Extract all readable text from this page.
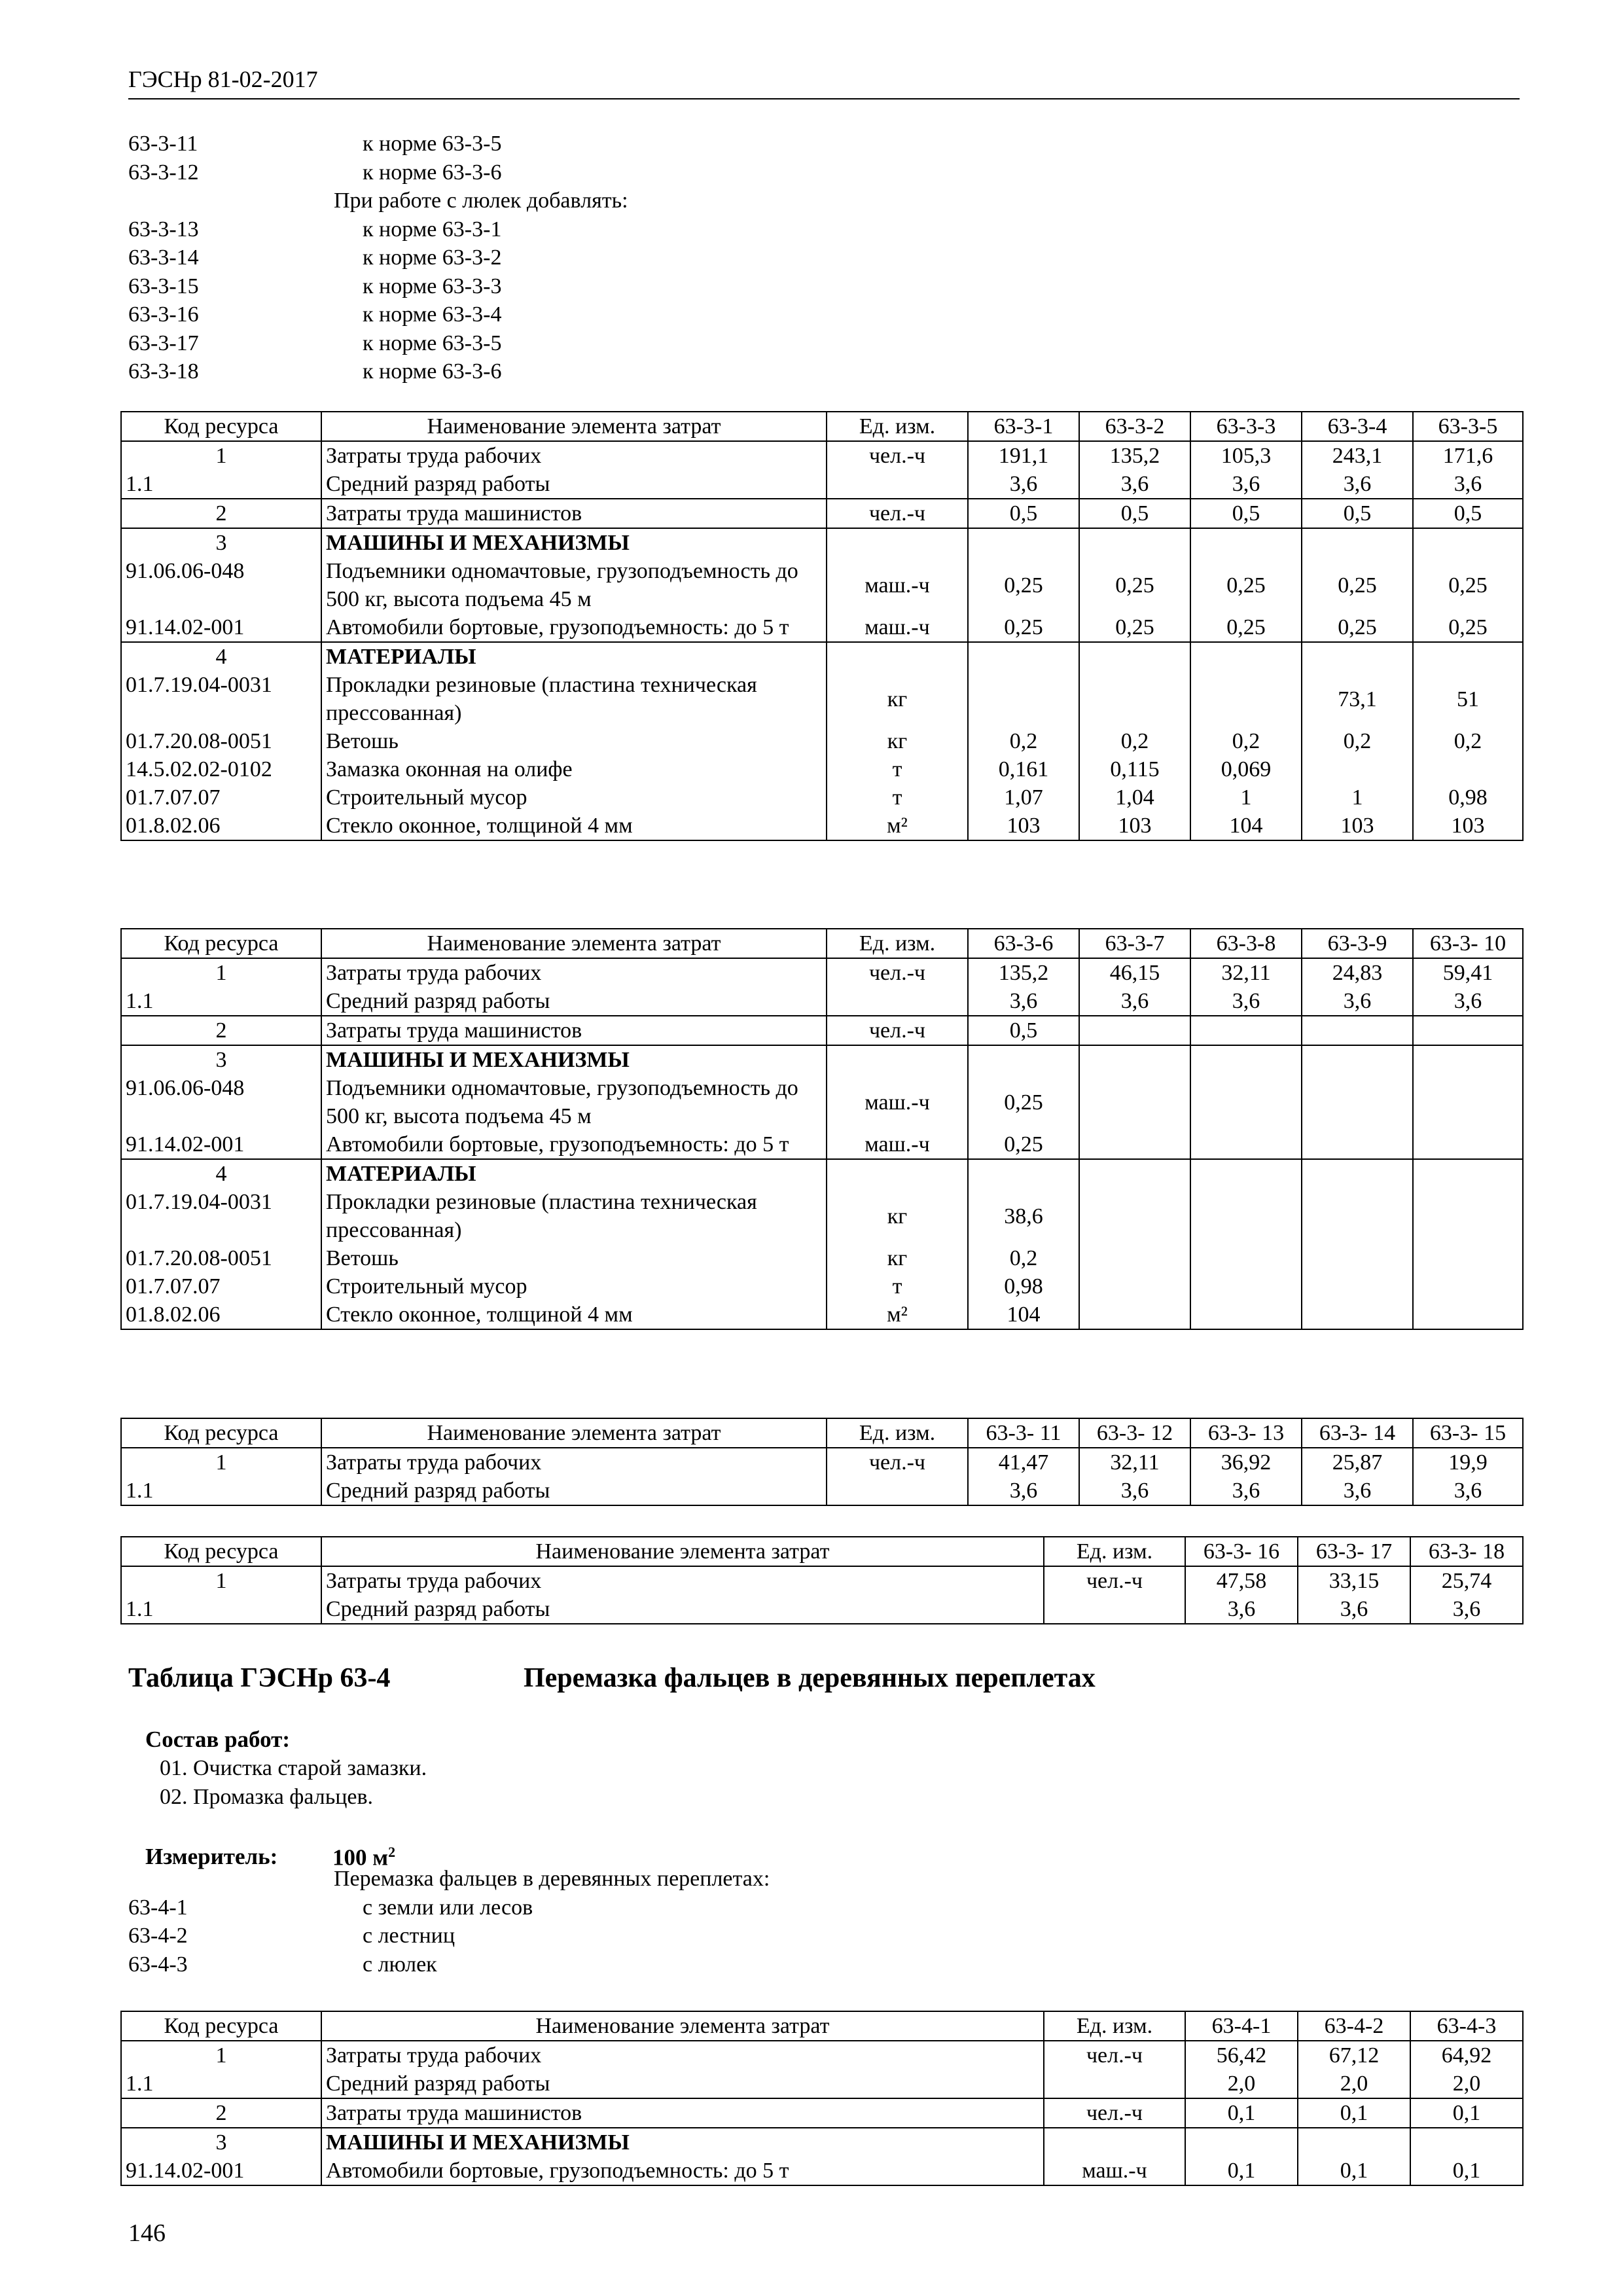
ГЭСНр 81-02-2017
63-3-11	к норме 63-3-5
63-3-12	к норме 63-3-6
При работе с люлек добавлять:
63-3-13	к норме 63-3-1
63-3-14	к норме 63-3-2
63-3-15	к норме 63-3-3
63-3-16	к норме 63-3-4
63-3-17	к норме 63-3-5
63-3-18	к норме 63-3-6
Код ресурса	Наименование элемента затрат	Ед. изм.	63-3-1	63-3-2	63-3-3	63-3-4	63-3-5
1	Затраты труда рабочих	чел.-ч	191,1	135,2	105,3	243,1	171,6
1.1	Средний разряд работы		3,6	3,6	3,6	3,6	3,6
2	Затраты труда машинистов	чел.-ч	0,5	0,5	0,5	0,5	0,5
3	МАШИНЫ И МЕХАНИЗМЫ						
91.06.06-048	Подъемники одномачтовые, грузоподъемность до 500 кг, высота подъема 45 м	маш.-ч	0,25	0,25	0,25	0,25	0,25
91.14.02-001	Автомобили бортовые, грузоподъемность: до 5 т	маш.-ч	0,25	0,25	0,25	0,25	0,25
4	МАТЕРИАЛЫ						
01.7.19.04-0031	Прокладки резиновые (пластина техническая прессованная)	кг				73,1	51
01.7.20.08-0051	Ветошь	кг	0,2	0,2	0,2	0,2	0,2
14.5.02.02-0102	Замазка оконная на олифе	т	0,161	0,115	0,069		
01.7.07.07	Строительный мусор	т	1,07	1,04	1	1	0,98
01.8.02.06	Стекло оконное, толщиной 4 мм	м²	103	103	104	103	103
Код ресурса	Наименование элемента затрат	Ед. изм.	63-3-6	63-3-7	63-3-8	63-3-9	63-3- 10
1	Затраты труда рабочих	чел.-ч	135,2	46,15	32,11	24,83	59,41
1.1	Средний разряд работы		3,6	3,6	3,6	3,6	3,6
2	Затраты труда машинистов	чел.-ч	0,5				
3	МАШИНЫ И МЕХАНИЗМЫ						
91.06.06-048	Подъемники одномачтовые, грузоподъемность до 500 кг, высота подъема 45 м	маш.-ч	0,25				
91.14.02-001	Автомобили бортовые, грузоподъемность: до 5 т	маш.-ч	0,25				
4	МАТЕРИАЛЫ						
01.7.19.04-0031	Прокладки резиновые (пластина техническая прессованная)	кг	38,6				
01.7.20.08-0051	Ветошь	кг	0,2				
01.7.07.07	Строительный мусор	т	0,98				
01.8.02.06	Стекло оконное, толщиной 4 мм	м²	104				
Код ресурса	Наименование элемента затрат	Ед. изм.	63-3- 11	63-3- 12	63-3- 13	63-3- 14	63-3- 15
1	Затраты труда рабочих	чел.-ч	41,47	32,11	36,92	25,87	19,9
1.1	Средний разряд работы		3,6	3,6	3,6	3,6	3,6
Код ресурса	Наименование элемента затрат	Ед. изм.	63-3- 16	63-3- 17	63-3- 18
1	Затраты труда рабочих	чел.-ч	47,58	33,15	25,74
1.1	Средний разряд работы		3,6	3,6	3,6
Таблица ГЭСНр 63-4	Перемазка фальцев в деревянных переплетах
Состав работ:
01. Очистка старой замазки.
02. Промазка фальцев.
Измеритель: 100 $м^2$
Перемазка фальцев в деревянных переплетах:
63-4-1	с земли или лесов
63-4-2	с лестниц
63-4-3	с люлек
Код ресурса	Наименование элемента затрат	Ед. изм.	63-4-1	63-4-2	63-4-3
1	Затраты труда рабочих	чел.-ч	56,42	67,12	64,92
1.1	Средний разряд работы		2,0	2,0	2,0
2	Затраты труда машинистов	чел.-ч	0,1	0,1	0,1
3	МАШИНЫ И МЕХАНИЗМЫ				
91.14.02-001	Автомобили бортовые, грузоподъемность: до 5 т	маш.-ч	0,1	0,1	0,1
146
